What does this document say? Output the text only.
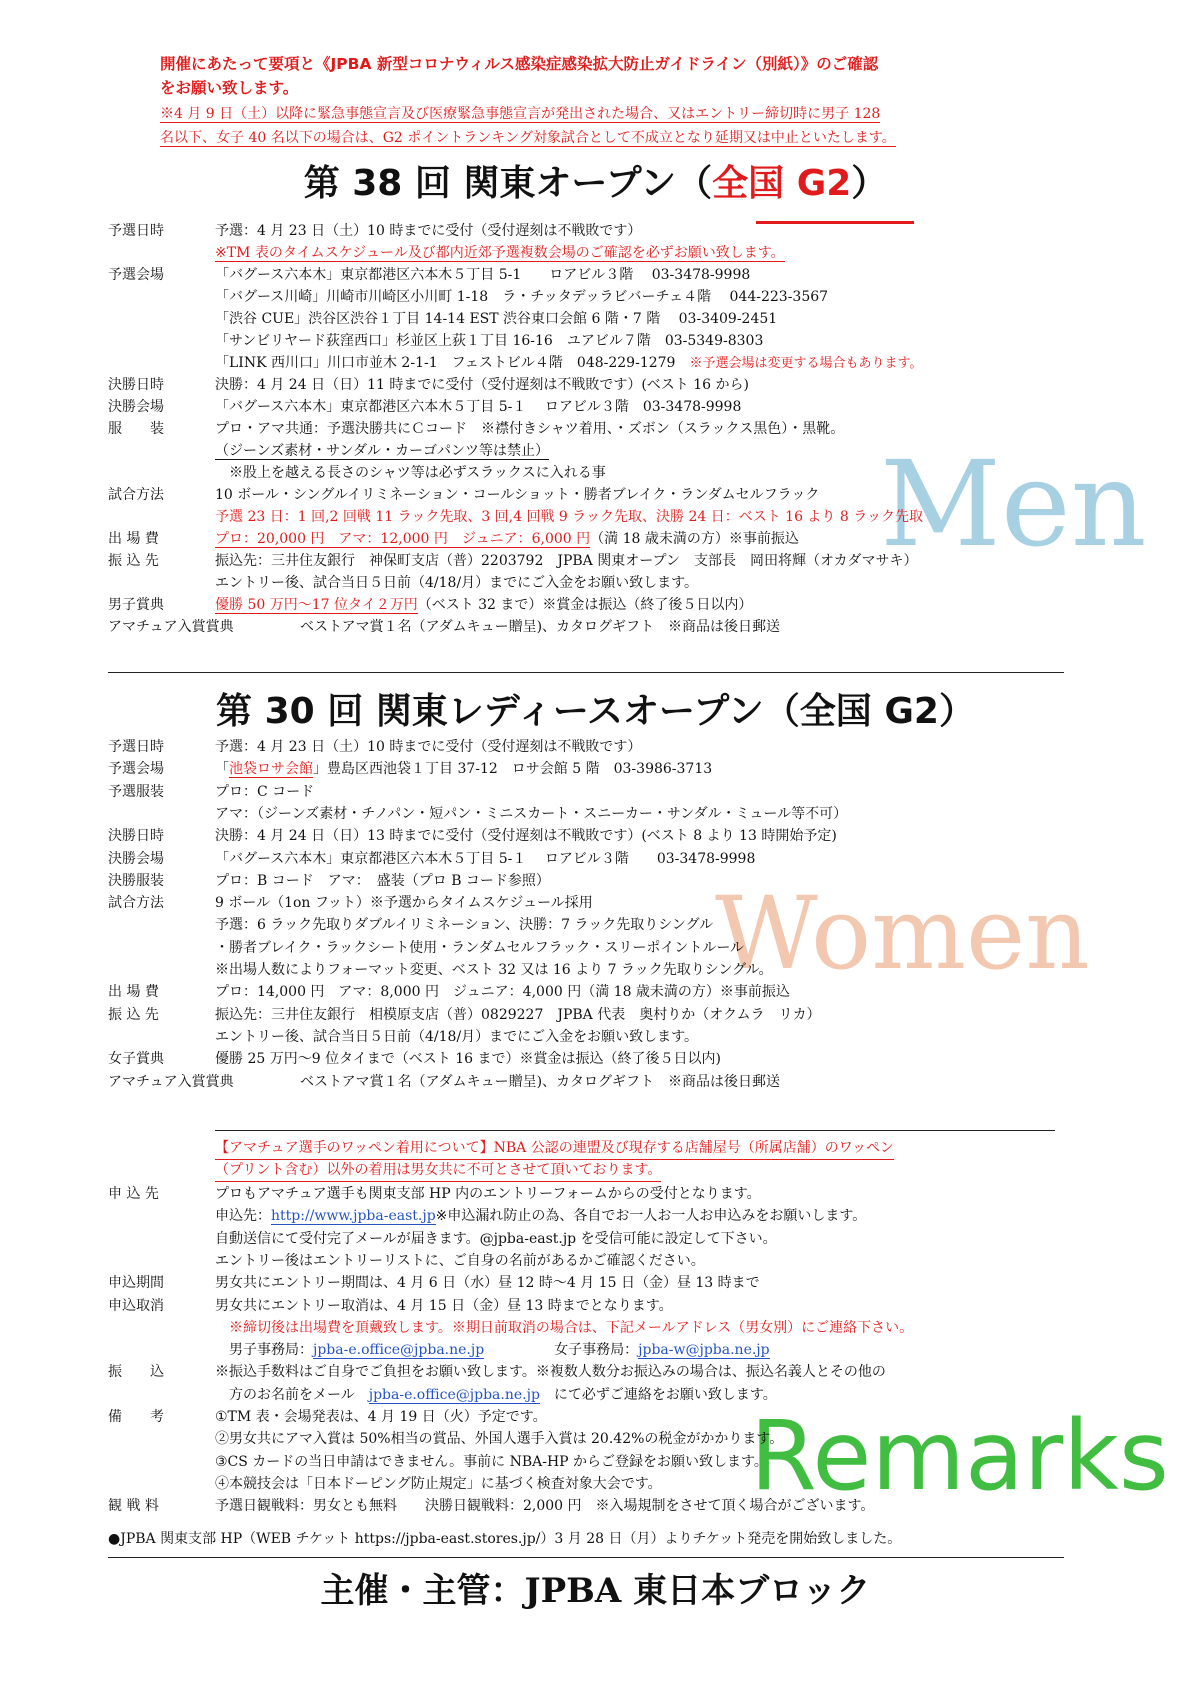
Men
Women
Remarks
開催にあたって要項と《JPBA 新型コロナウィルス感染症感染拡大防止ガイドライン（別紙）》のご確認
をお願い致します。
※4 月 9 日（土）以降に緊急事態宣言及び医療緊急事態宣言が発出された場合、又はエントリー締切時に男子 128
名以下、女子 40 名以下の場合は、G2 ポイントランキング対象試合として不成立となり延期又は中止といたします。
第 38 回 関東オープン（全国 G2）
予選日時	予選：4 月 23 日（土）10 時までに受付（受付遅刻は不戦敗です）
※TM 表のタイムスケジュール及び都内近郊予選複数会場のご確認を必ずお願い致します。
予選会場	「バグース六本木」東京都港区六本木５丁目 5-1　　ロアビル３階　 03-3478-9998
「バグース川崎」川崎市川崎区小川町 1-18　ラ・チッタデッラビバーチェ４階　 044-223-3567
「渋谷 CUE」渋谷区渋谷１丁目 14-14 EST 渋谷東口会館 6 階・7 階　 03-3409-2451
「サンビリヤード荻窪西口」杉並区上荻１丁目 16-16　ユアビル７階　03-5349-8303
「LINK 西川口」川口市並木 2-1-1　フェストビル４階　048-229-1279 ※予選会場は変更する場合もあります。
決勝日時	決勝：4 月 24 日（日）11 時までに受付（受付遅刻は不戦敗です）(ベスト 16 から)
決勝会場	「バグース六本木」東京都港区六本木５丁目 5-１　 ロアビル３階　03-3478-9998
服　　装	プロ・アマ共通：予選決勝共にＣコード　※襟付きシャツ着用、・ズボン（スラックス黒色）・黒靴。
（ジーンズ素材・サンダル・カーゴパンツ等は禁止）
　※股上を越える長さのシャツ等は必ずスラックスに入れる事
試合方法	10 ボール・シングルイリミネーション・コールショット・勝者ブレイク・ランダムセルフラック
予選 23 日：1 回,2 回戦 11 ラック先取、3 回,4 回戦 9 ラック先取、決勝 24 日：ベスト 16 より 8 ラック先取
出 場 費	プロ：20,000 円　アマ：12,000 円　ジュニア：6,000 円（満 18 歳未満の方）※事前振込
振 込 先	振込先：三井住友銀行　神保町支店（普）2203792　JPBA 関東オープン　支部長　岡田将輝（オカダマサキ）
エントリー後、試合当日５日前（4/18/月）までにご入金をお願い致します。
男子賞典	優勝 50 万円〜17 位タイ２万円（ベスト 32 まで）※賞金は振込（終了後５日以内）
アマチュア入賞賞典	ベストアマ賞１名（アダムキュー贈呈)、カタログギフト　※商品は後日郵送
第 30 回 関東レディースオープン（全国 G2）
予選日時	予選：4 月 23 日（土）10 時までに受付（受付遅刻は不戦敗です）
予選会場	「池袋ロサ会館」豊島区西池袋１丁目 37-12　ロサ会館 5 階　03-3986-3713
予選服装	プロ：C コード
アマ：（ジーンズ素材・チノパン・短パン・ミニスカート・スニーカー・サンダル・ミュール等不可）
決勝日時	決勝：4 月 24 日（日）13 時までに受付（受付遅刻は不戦敗です）(ベスト 8 より 13 時開始予定)
決勝会場	「バグース六本木」東京都港区六本木５丁目 5-１　 ロアビル３階　　03-3478-9998
決勝服装	プロ：B コード　アマ：　盛装（プロ B コード参照）
試合方法	9 ボール（1on フット）※予選からタイムスケジュール採用
予選：6 ラック先取りダブルイリミネーション、決勝：7 ラック先取りシングル
・勝者ブレイク・ラックシート使用・ランダムセルフラック・スリーポイントルール
※出場人数によりフォーマット変更、ベスト 32 又は 16 より 7 ラック先取りシングル。
出 場 費	プロ：14,000 円　アマ：8,000 円　ジュニア：4,000 円（満 18 歳未満の方）※事前振込
振 込 先	振込先：三井住友銀行　相模原支店（普）0829227　JPBA 代表　奥村りか（オクムラ　リカ）
エントリー後、試合当日５日前（4/18/月）までにご入金をお願い致します。
女子賞典	優勝 25 万円〜9 位タイまで（ベスト 16 まで）※賞金は振込（終了後５日以内)
アマチュア入賞賞典	ベストアマ賞１名（アダムキュー贈呈)、カタログギフト　※商品は後日郵送
【アマチュア選手のワッペン着用について】NBA 公認の連盟及び現存する店舗屋号（所属店舗）のワッペン
（プリント含む）以外の着用は男女共に不可とさせて頂いております。
申 込 先	プロもアマチュア選手も関東支部 HP 内のエントリーフォームからの受付となります。
申込先：http://www.jpba-east.jp※申込漏れ防止の為、各自でお一人お一人お申込みをお願いします。
自動送信にて受付完了メールが届きます。@jpba-east.jp を受信可能に設定して下さい。
エントリー後はエントリーリストに、ご自身の名前があるかご確認ください。
申込期間	男女共にエントリー期間は、4 月 6 日（水）昼 12 時〜4 月 15 日（金）昼 13 時まで
申込取消	男女共にエントリー取消は、4 月 15 日（金）昼 13 時までとなります。
　※締切後は出場費を頂戴致します。※期日前取消の場合は、下記メールアドレス（男女別）にご連絡下さい。
　男子事務局：jpba-e.office@jpba.ne.jp　　　　　女子事務局：jpba-w@jpba.ne.jp
振　　込	※振込手数料はご自身でご負担をお願い致します。※複数人数分お振込みの場合は、振込名義人とその他の
　方のお名前をメール　jpba-e.office@jpba.ne.jp　にて必ずご連絡をお願い致します。
備　　考	①TM 表・会場発表は、4 月 19 日（火）予定です。
②男女共にアマ入賞は 50%相当の賞品、外国人選手入賞は 20.42%の税金がかかります。
③CS カードの当日申請はできません。事前に NBA-HP からご登録をお願い致します。
④本競技会は「日本ドーピング防止規定」に基づく検査対象大会です。
観 戦 料	予選日観戦料：男女とも無料　　決勝日観戦料：2,000 円　※入場規制をさせて頂く場合がございます。
●JPBA 関東支部 HP（WEB チケット https://jpba-east.stores.jp/）3 月 28 日（月）よりチケット発売を開始致しました。
主催・主管：JPBA 東日本ブロック
